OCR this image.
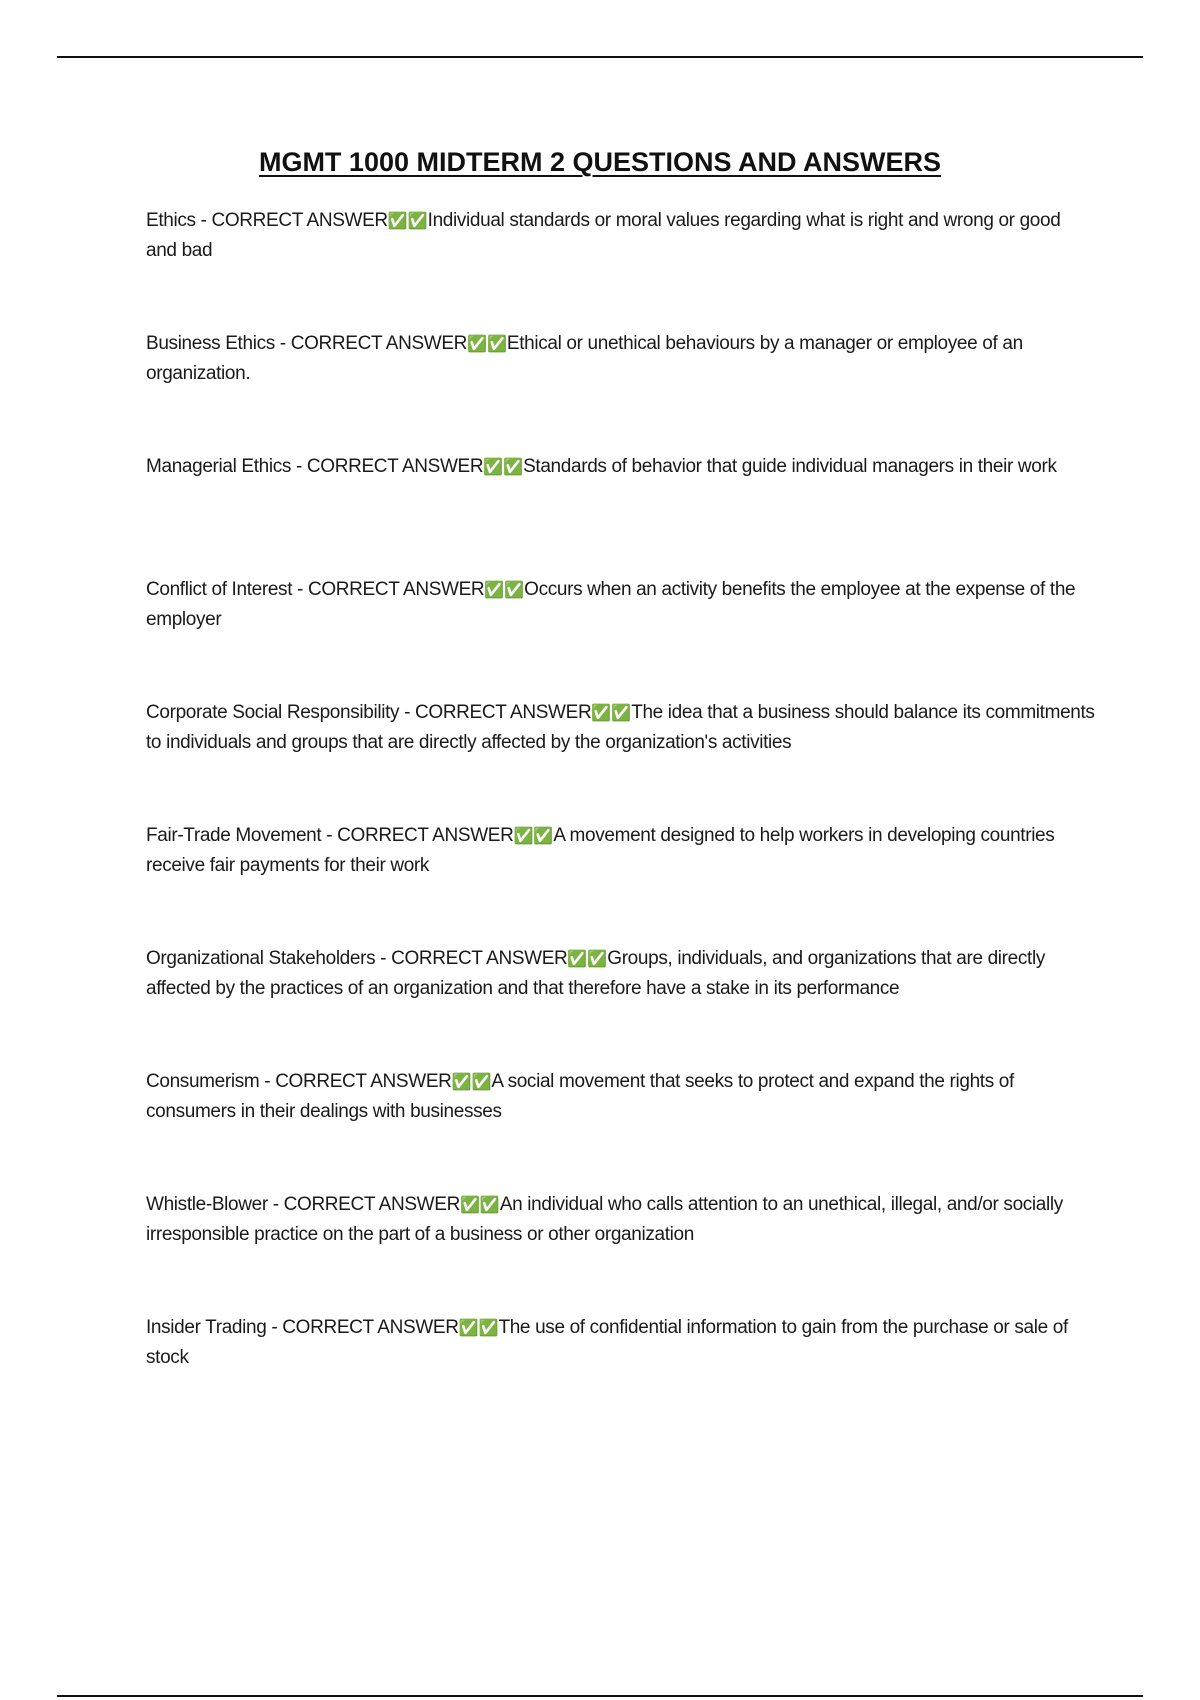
MGMT 1000 MIDTERM 2 QUESTIONS AND ANSWERS

Ethics - CORRECT ANSWER✅✅Individual standards or moral values regarding what is right and wrong or good and bad

Business Ethics - CORRECT ANSWER✅✅Ethical or unethical behaviours by a manager or employee of an organization.

Managerial Ethics - CORRECT ANSWER✅✅Standards of behavior that guide individual managers in their work

Conflict of Interest - CORRECT ANSWER✅✅Occurs when an activity benefits the employee at the expense of the employer

Corporate Social Responsibility - CORRECT ANSWER✅✅The idea that a business should balance its commitments to individuals and groups that are directly affected by the organization's activities

Fair-Trade Movement - CORRECT ANSWER✅✅A movement designed to help workers in developing countries receive fair payments for their work

Organizational Stakeholders - CORRECT ANSWER✅✅Groups, individuals, and organizations that are directly affected by the practices of an organization and that therefore have a stake in its performance

Consumerism - CORRECT ANSWER✅✅A social movement that seeks to protect and expand the rights of consumers in their dealings with businesses

Whistle-Blower - CORRECT ANSWER✅✅An individual who calls attention to an unethical, illegal, and/or socially irresponsible practice on the part of a business or other organization

Insider Trading - CORRECT ANSWER✅✅The use of confidential information to gain from the purchase or sale of stock
